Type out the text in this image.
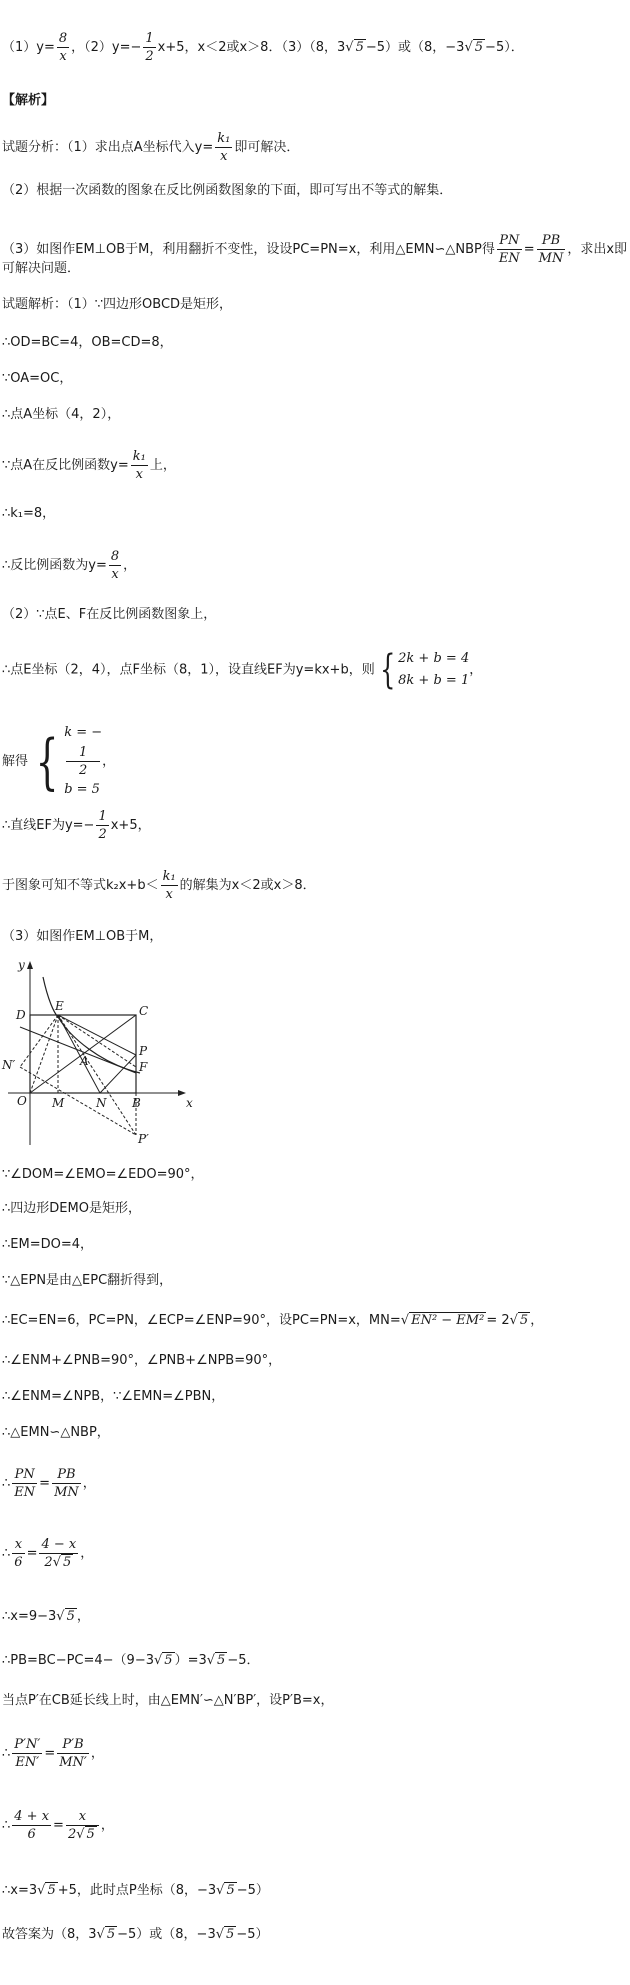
$(1)y= \frac{8}{x}$ ，$(2)y=- \frac{1}{2} x+5$，x＜2或x＞8．（3）（8，3√ 5 −5）或（8，−3√ 5 −5）．
【解析】
试题分析：（1）求出点A坐标代入$y= \frac{\text{k₁}}{x}$ 即可解决．
（2）根据一次函数的图象在反比例函数图象的下面，即可写出不等式的解集．
（3）如图作EM⊥OB于M，利用翻折不变性，设设PC=PN=x，利用△EMN∽△NBP得 $\frac{PN}{EN} = \frac{PB}{MN}$ ，求出x即
可解决问题．
试题解析：（1）∵四边形OBCD是矩形，
∴OD=BC=4，OB=CD=8，
∵OA=OC，
∴点A坐标（4，2），
∵点A在反比例函数$y= \frac{\text{k₁}}{x}$ 上，
∴k₁=8，
∴反比例函数为$y= \frac{8}{x}$ ，
（2）∵点E、F在反比例函数图象上，
∴点E坐标（2，4），点F坐标（8，1），设直线EF为y=kx+b，则 { 2k + b = 4
8k + b = 1
，
解得 { k = −
1
2
b = 5
，
∴直线EF为$y=- \frac{1}{2} x+5$，
于图象可知不等式$k_2x+b< \frac{\text{k₁}}{x}$ 的解集为x＜2或x＞8．
（3）如图作EM⊥OB于M，
y
x
D
E	C
P
F
A
N′
O M	N B
P′
∵∠DOM=∠EMO=∠EDO=90°，
∴四边形DEMO是矩形，
∴EM=DO=4，
∵△EPN是由△EPC翻折得到，
∴EC=EN=6，PC=PN，∠ECP=∠ENP=90°，设PC=PN=x，MN=√ EN² − EM² = 2√ 5 ，
∴∠ENM+∠PNB=90°，∠PNB+∠NPB=90°，
∴∠ENM=∠NPB，∵∠EMN=∠PBN，
∴△EMN∽△NBP，
∴ $\frac{PN}{EN} = \frac{PB}{MN}$ ，
∴ $\frac{x}{6} = \frac{4 - x}{2√ 5}$ ，
∴x=9−3√ 5 ，
∴PB=BC−PC=4−（9−3√ 5 ）=3√ 5 −5．
当点P′在CB延长线上时，由△EMN′∽△N′BP′，设P′B=x，
∴ $\frac{P'N'}{EN'} = \frac{P'B}{MN'}$ ，
∴ $\frac{4 + x}{6} = \frac{x}{2√ 5}$ ，
∴x=3√ 5 +5，此时点P坐标（8，−3√ 5 −5）
故答案为（8，3√ 5 −5）或（8，−3√ 5 −5）
